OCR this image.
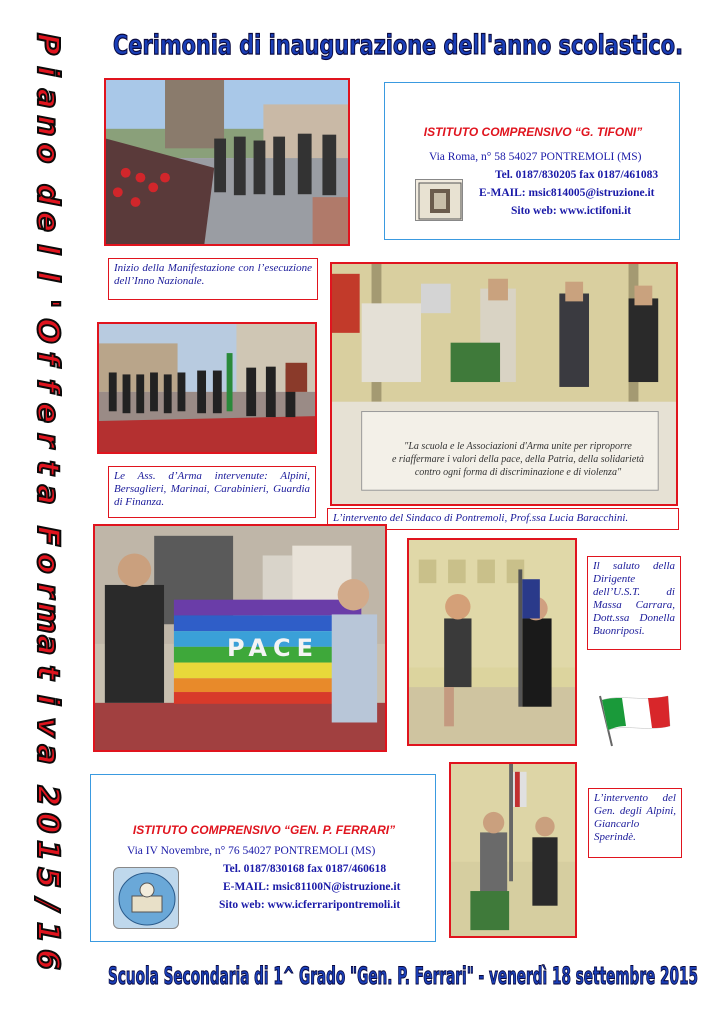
P
i
a
n
o
d
e
l
l
'
O
f
f
e
r
t
a
F
o
r
m
a
t
i
v
a
2
0
1
5
/
1
6
Cerimonia di inaugurazione dell'anno scolastico.
ISTITUTO COMPRENSIVO “G. TIFONI”
Via Roma, n° 58 54027 PONTREMOLI (MS)
Tel. 0187/830205 fax 0187/461083
E-MAIL: msic814005@istruzione.it
Sito web: www.ictifoni.it
Inizio della Manifestazione con l’esecuzione dell’Inno Nazionale.
"La scuola e le Associazioni d'Arma unite per riproporre
e riaffermare i valori della pace, della Patria, della solidarietà
contro ogni forma di discriminazione e di violenza"
Le Ass. d’Arma intervenute: Alpini, Bersaglieri, Marinai, Carabinieri, Guardia di Finanza.
L’intervento del Sindaco di Pontremoli, Prof.ssa Lucia Baracchini.
PACE
Il saluto della Dirigente dell’U.S.T. di Massa Carrara, Dott.ssa Donella Buonriposi.
ISTITUTO COMPRENSIVO “GEN. P. FERRARI”
Via IV Novembre, n° 76 54027 PONTREMOLI (MS)
Tel. 0187/830168 fax 0187/460618
E-MAIL: msic81100N@istruzione.it
Sito web: www.icferraripontremoli.it
L’intervento del Gen. degli Alpini, Giancarlo Sperindè.
Scuola Secondaria di 1^ Grado "Gen. P. Ferrari" - venerdì 18 settembre 2015
